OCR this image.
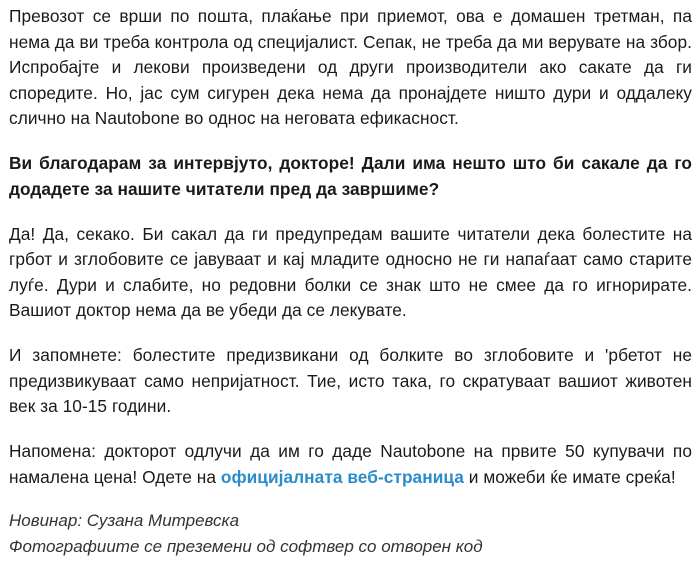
Превозот се врши по пошта, плаќање при приемот, ова е домашен третман, па нема да ви треба контрола од специјалист. Сепак, не треба да ми верувате на збор. Испробајте и лекови произведени од други производители ако сакате да ги споредите. Но, јас сум сигурен дека нема да пронајдете ништо дури и оддалеку слично на Nautobone во однос на неговата ефикасност.

Ви благодарам за интервјуто, докторе! Дали има нешто што би сакале да го додадете за нашите читатели пред да завршиме?

Да! Да, секако. Би сакал да ги предупредам вашите читатели дека болестите на грбот и зглобовите се јавуваат и кај младите односно не ги напаѓаат само старите луѓе. Дури и слабите, но редовни болки се знак што не смее да го игнорирате. Вашиот доктор нема да ве убеди да се лекувате.

И запомнете: болестите предизвикани од болките во зглобовите и 'рбетот не предизвикуваат само непријатност. Тие, исто така, го скратуваат вашиот животен век за 10-15 години.

Напомена: докторот одлучи да им го даде Nautobone на првите 50 купувачи по намалена цена! Одете на официјалната веб-страница и можеби ќе имате среќа!

Новинар: Сузана Митревска
Фотографиите се преземени од софтвер со отворен код
